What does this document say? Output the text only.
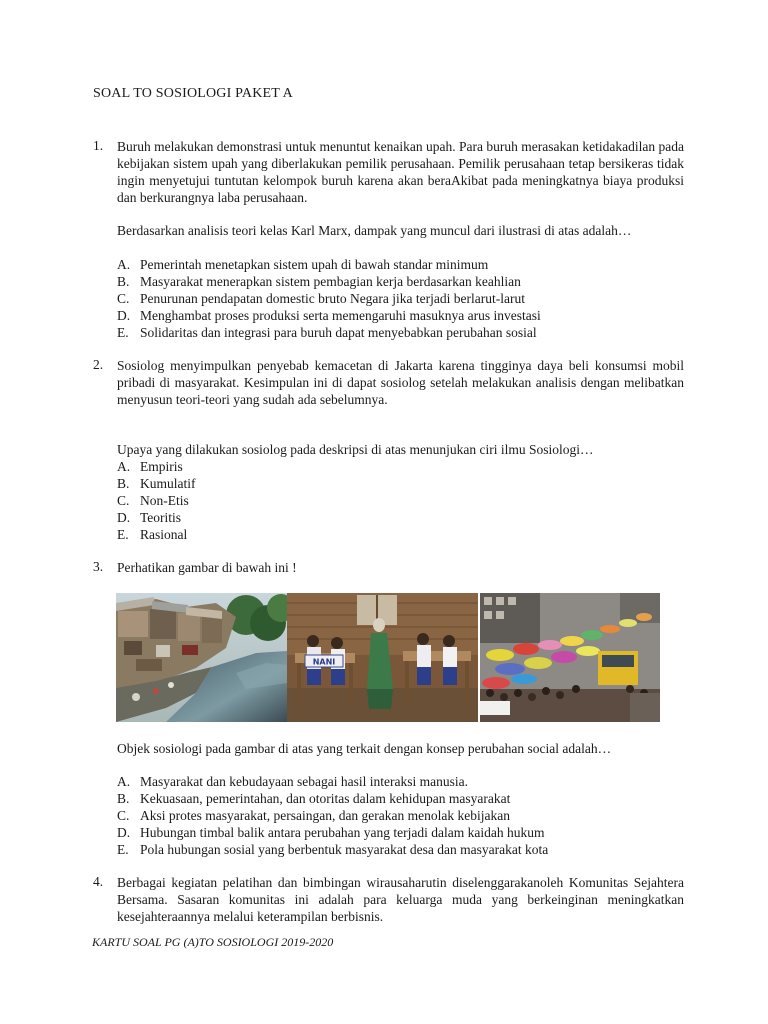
SOAL TO SOSIOLOGI PAKET A
1. Buruh melakukan demonstrasi untuk menuntut kenaikan upah. Para buruh merasakan ketidakadilan pada kebijakan sistem upah yang diberlakukan pemilik perusahaan. Pemilik perusahaan tetap bersikeras tidak ingin menyetujui tuntutan kelompok buruh karena akan beraAkibat pada meningkatnya biaya produksi dan berkurangnya laba perusahaan.

Berdasarkan analisis teori kelas Karl Marx, dampak yang muncul dari ilustrasi di atas adalah…

A. Pemerintah menetapkan sistem upah di bawah standar minimum
B. Masyarakat menerapkan sistem pembagian kerja berdasarkan keahlian
C. Penurunan pendapatan domestic bruto Negara jika terjadi berlarut-larut
D. Menghambat proses produksi serta memengaruhi masuknya arus investasi
E. Solidaritas dan integrasi para buruh dapat menyebabkan perubahan sosial
2. Sosiolog menyimpulkan penyebab kemacetan di Jakarta karena tingginya daya beli konsumsi mobil pribadi di masyarakat. Kesimpulan ini di dapat sosiolog setelah melakukan analisis dengan melibatkan menyusun teori-teori yang sudah ada sebelumnya.

Upaya yang dilakukan sosiolog pada deskripsi di atas menunjukan ciri ilmu Sosiologi…

A. Empiris
B. Kumulatif
C. Non-Etis
D. Teoritis
E. Rasional
3. Perhatikan gambar di bawah ini !

NANI

Objek sosiologi pada gambar di atas yang terkait dengan konsep perubahan social adalah…

A. Masyarakat dan kebudayaan sebagai hasil interaksi manusia.
B. Kekuasaan, pemerintahan, dan otoritas dalam kehidupan masyarakat
C. Aksi protes masyarakat, persaingan, dan gerakan menolak kebijakan
D. Hubungan timbal balik antara perubahan yang terjadi dalam kaidah hukum
E. Pola hubungan sosial yang berbentuk masyarakat desa dan masyarakat kota
4. Berbagai kegiatan pelatihan dan bimbingan wirausaharutin diselenggarakanoleh Komunitas Sejahtera Bersama. Sasaran komunitas ini adalah para keluarga muda yang berkeinginan meningkatkan kesejahteraannya melalui keterampilan berbisnis.

KARTU SOAL PG (A)TO SOSIOLOGI 2019-2020
